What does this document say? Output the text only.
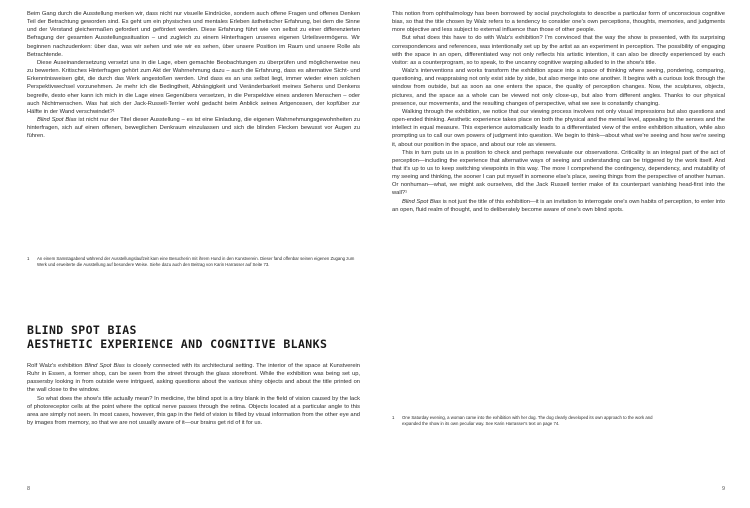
Beim Gang durch die Ausstellung merken wir, dass nicht nur visuelle Eindrücke, sondern auch offene Fragen und offenes Denken Teil der Betrachtung geworden sind. Es geht um ein physisches und mentales Erleben ästhetischer Erfahrung, bei dem die Sinne und der Verstand gleichermaßen gefordert und gefördert werden. Diese Erfahrung führt wie von selbst zu einer differenzierten Befragung der gesamten Ausstellungssituation – und zugleich zu einem Hinterfragen unseres eigenen Urteilsvermögens. Wir beginnen nachzudenken: über das, was wir sehen und wie wir es sehen, über unsere Position im Raum und unsere Rolle als Betrachtende.

Diese Auseinandersetzung versetzt uns in die Lage, eben gemachte Beobachtungen zu überprüfen und möglicherweise neu zu bewerten. Kritisches Hinterfragen gehört zum Akt der Wahrnehmung dazu – auch die Erfahrung, dass es alternative Sicht- und Erkenntnisweisen gibt, die durch das Werk angestoßen werden. Und dass es an uns selbst liegt, immer wieder einen solchen Perspektivwechsel vorzunehmen. Je mehr ich die Bedingtheit, Abhängigkeit und Veränderbarkeit meines Sehens und Denkens begreife, desto eher kann ich mich in die Lage eines Gegenübers versetzen, in die Perspektive eines anderen Menschen – oder auch Nichtmenschen. Was hat sich der Jack-Russell-Terrier wohl gedacht beim Anblick seines Artgenossen, der kopfüber zur Hälfte in der Wand verschwindet?¹

Blind Spot Bias ist nicht nur der Titel dieser Ausstellung – es ist eine Einladung, die eigenen Wahrnehmungsgewohnheiten zu hinterfragen, sich auf einen offenen, beweglichen Denkraum einzulassen und sich die blinden Flecken bewusst vor Augen zu führen.

1	An einem Samstagabend während der Ausstellungslaufzeit kam eine Besucherin mit ihrem Hund in den Kunstverein. Dieser fand offenbar seinen eigenen Zugang zum Werk und erweiterte die Ausstellung auf besondere Weise. Siehe dazu auch den Beitrag von Karin Harrasser auf Seite 73.
BLIND SPOT BIAS
AESTHETIC EXPERIENCE AND COGNITIVE BLANKS

Rolf Walz's exhibition Blind Spot Bias is closely connected with its architectural setting. The interior of the space at Kunstverein Ruhr in Essen, a former shop, can be seen from the street through the glass storefront. While the exhibition was being set up, passersby looking in from outside were intrigued, asking questions about the various shiny objects and about the title printed on the wall close to the window.

So what does the show's title actually mean? In medicine, the blind spot is a tiny blank in the field of vision caused by the lack of photoreceptor cells at the point where the optical nerve passes through the retina. Objects located at a particular angle to this area are simply not seen. In most cases, however, this gap in the field of vision is filled by visual information from the other eye and by images from memory, so that we are not usually aware of it—our brains get rid of it for us.

8

This notion from ophthalmology has been borrowed by social psychologists to describe a particular form of unconscious cognitive bias, so that the title chosen by Walz refers to a tendency to consider one's own perceptions, thoughts, memories, and judgments more objective and less subject to external influence than those of other people.

But what does this have to do with Walz's exhibition? I'm convinced that the way the show is presented, with its surprising correspondences and references, was intentionally set up by the artist as an experiment in perception. The possibility of engaging with the space in an open, differentiated way not only reflects his artistic intention, it can also be directly experienced by each visitor: as a counterprogram, so to speak, to the uncanny cognitive warping alluded to in the show's title.

Walz's interventions and works transform the exhibition space into a space of thinking where seeing, pondering, comparing, questioning, and reappraising not only exist side by side, but also merge into one another. It begins with a curious look through the window from outside, but as soon as one enters the space, the quality of perception changes. Now, the sculptures, objects, pictures, and the space as a whole can be viewed not only close-up, but also from different angles. Thanks to our physical presence, our movements, and the resulting changes of perspective, what we see is constantly changing.

Walking through the exhibition, we notice that our viewing process involves not only visual impressions but also questions and open-ended thinking. Aesthetic experience takes place on both the physical and the mental level, appealing to the senses and the intellect in equal measure. This experience automatically leads to a differentiated view of the entire exhibition situation, while also prompting us to call our own powers of judgment into question. We begin to think—about what we're seeing and how we're seeing it, about our position in the space, and about our role as viewers.

This in turn puts us in a position to check and perhaps reevaluate our observations. Criticality is an integral part of the act of perception—including the experience that alternative ways of seeing and understanding can be triggered by the work itself. And that it's up to us to keep switching viewpoints in this way. The more I comprehend the contingency, dependency, and mutability of my seeing and thinking, the sooner I can put myself in someone else's place, seeing things from the perspective of another human. Or nonhuman—what, we might ask ourselves, did the Jack Russell terrier make of its counterpart vanishing head-first into the wall?¹

Blind Spot Bias is not just the title of this exhibition—it is an invitation to interrogate one's own habits of perception, to enter into an open, fluid realm of thought, and to deliberately become aware of one's own blind spots.

1	One Saturday evening, a woman came into the exhibition with her dog. The dog clearly developed its own approach to the work and expanded the show in its own peculiar way. See Karin Harrasser's text on page 74.
9
